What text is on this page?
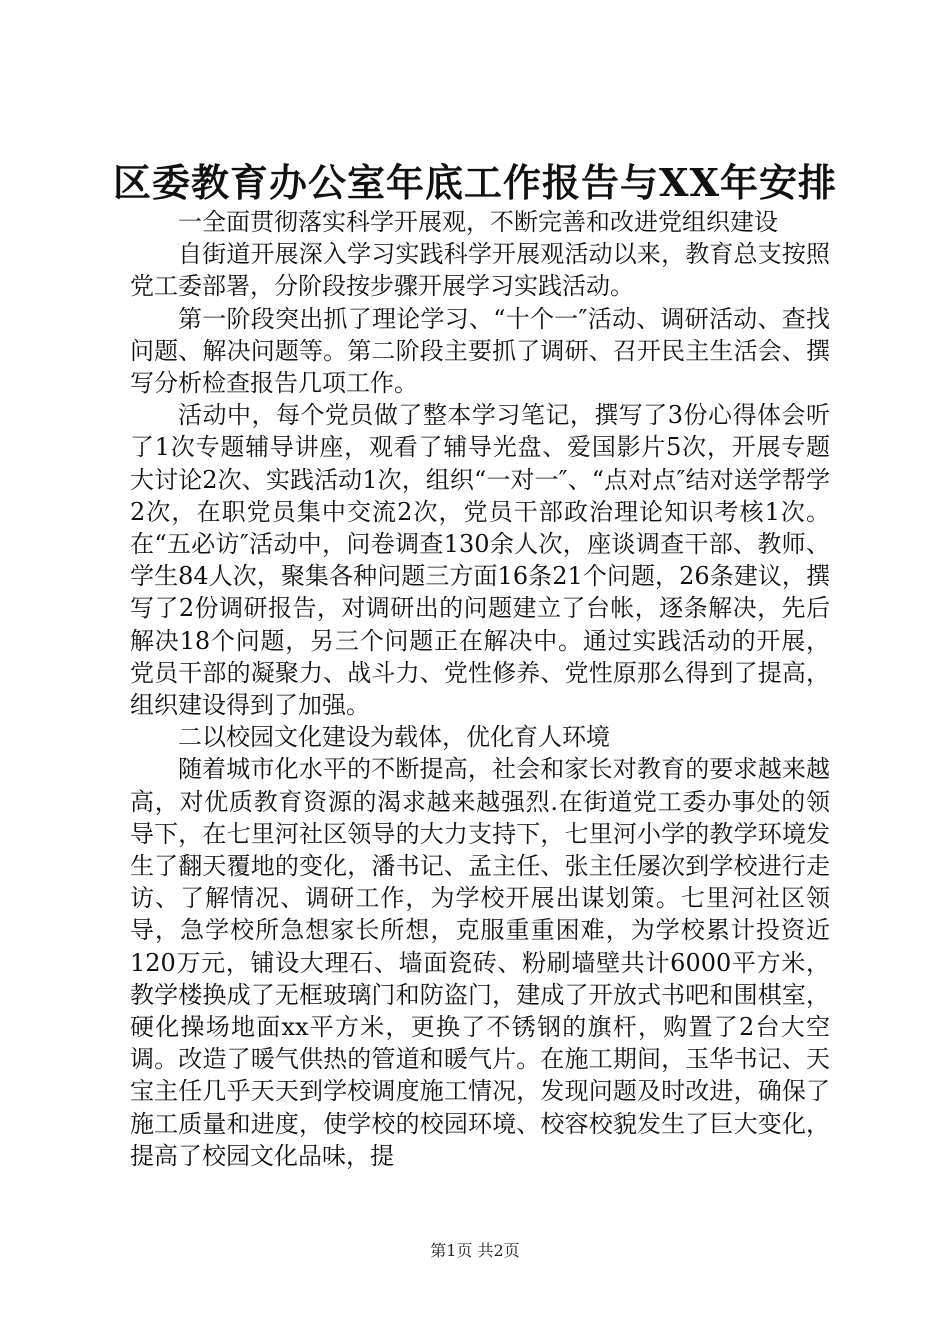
区委教育办公室年底工作报告与XX年安排

一全面贯彻落实科学开展观，不断完善和改进党组织建设

自街道开展深入学习实践科学开展观活动以来，教育总支按照党工委部署，分阶段按步骤开展学习实践活动。

第一阶段突出抓了理论学习、“十个一″活动、调研活动、查找问题、解决问题等。第二阶段主要抓了调研、召开民主生活会、撰写分析检查报告几项工作。

活动中，每个党员做了整本学习笔记，撰写了3份心得体会听了1次专题辅导讲座，观看了辅导光盘、爱国影片5次，开展专题大讨论2次、实践活动1次，组织“一对一″、“点对点″结对送学帮学2次，在职党员集中交流2次，党员干部政治理论知识考核1次。在“五必访″活动中，问卷调查130余人次，座谈调查干部、教师、学生84人次，聚集各种问题三方面16条21个问题，26条建议，撰写了2份调研报告，对调研出的问题建立了台帐，逐条解决，先后解决18个问题，另三个问题正在解决中。通过实践活动的开展，党员干部的凝聚力、战斗力、党性修养、党性原那么得到了提高，组织建设得到了加强。

二以校园文化建设为载体，优化育人环境

随着城市化水平的不断提高，社会和家长对教育的要求越来越高，对优质教育资源的渴求越来越强烈.在街道党工委办事处的领导下，在七里河社区领导的大力支持下，七里河小学的教学环境发生了翻天覆地的变化，潘书记、孟主任、张主任屡次到学校进行走访、了解情况、调研工作，为学校开展出谋划策。七里河社区领导，急学校所急想家长所想，克服重重困难，为学校累计投资近120万元，铺设大理石、墙面瓷砖、粉刷墙壁共计6000平方米，教学楼换成了无框玻璃门和防盗门，建成了开放式书吧和围棋室，硬化操场地面xx平方米，更换了不锈钢的旗杆，购置了2台大空调。改造了暖气供热的管道和暖气片。在施工期间，玉华书记、天宝主任几乎天天到学校调度施工情况，发现问题及时改进，确保了施工质量和进度，使学校的校园环境、校容校貌发生了巨大变化，提高了校园文化品味，提

第1页 共2页
